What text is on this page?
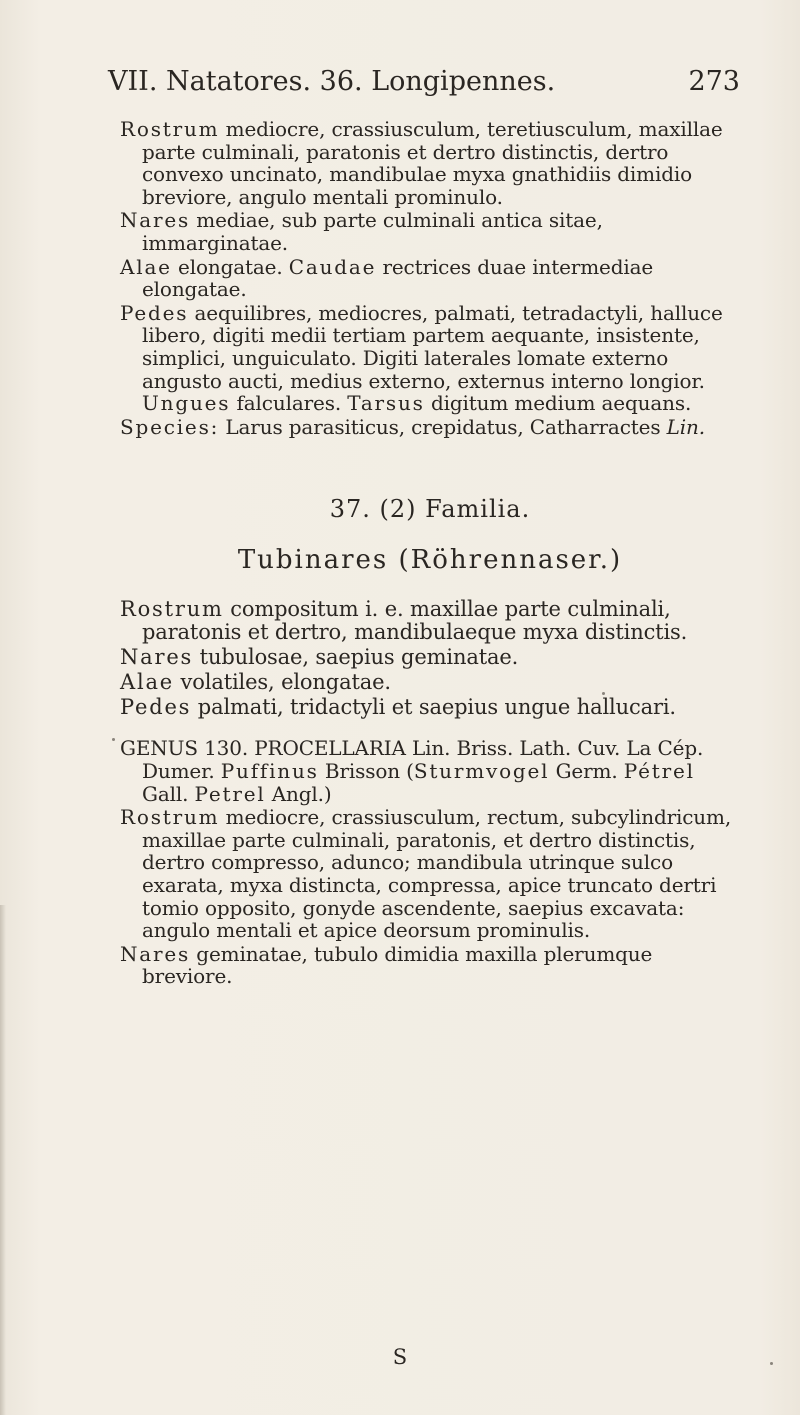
VII. Natatores. 36. Longipennes.	273

Rostrum mediocre, crassiusculum, teretiusculum, maxillae parte culminali, paratonis et dertro distinctis, dertro convexo uncinato, mandibulae myxa gnathidiis dimidio breviore, angulo mentali prominulo.

Nares mediae, sub parte culminali antica sitae, immarginatae.

Alae elongatae. Caudae rectrices duae intermediae elongatae.

Pedes aequilibres, mediocres, palmati, tetradactyli, halluce libero, digiti medii tertiam partem aequante, insistente, simplici, unguiculato. Digiti laterales lomate externo angusto aucti, medius externo, externus interno longior. Ungues falculares. Tarsus digitum medium aequans.

Species: Larus parasiticus, crepidatus, Catharractes Lin.

37. (2) Familia.
Tubinares (Röhrennaser.)

Rostrum compositum i. e. maxillae parte culminali, paratonis et dertro, mandibulaeque myxa distinctis.

Nares tubulosae, saepius geminatae.

Alae volatiles, elongatae.

Pedes palmati, tridactyli et saepius ungue hallucari.

GENUS 130. PROCELLARIA Lin. Briss. Lath. Cuv. La Cép. Dumer. Puffinus Brisson (Sturmvogel Germ. Pétrel Gall. Petrel Angl.)

Rostrum mediocre, crassiusculum, rectum, subcylindricum, maxillae parte culminali, paratonis, et dertro distinctis, dertro compresso, adunco; mandibula utrinque sulco exarata, myxa distincta, compressa, apice truncato dertri tomio opposito, gonyde ascendente, saepius excavata: angulo mentali et apice deorsum prominulis.

Nares geminatae, tubulo dimidia maxilla plerumque breviore.

S
